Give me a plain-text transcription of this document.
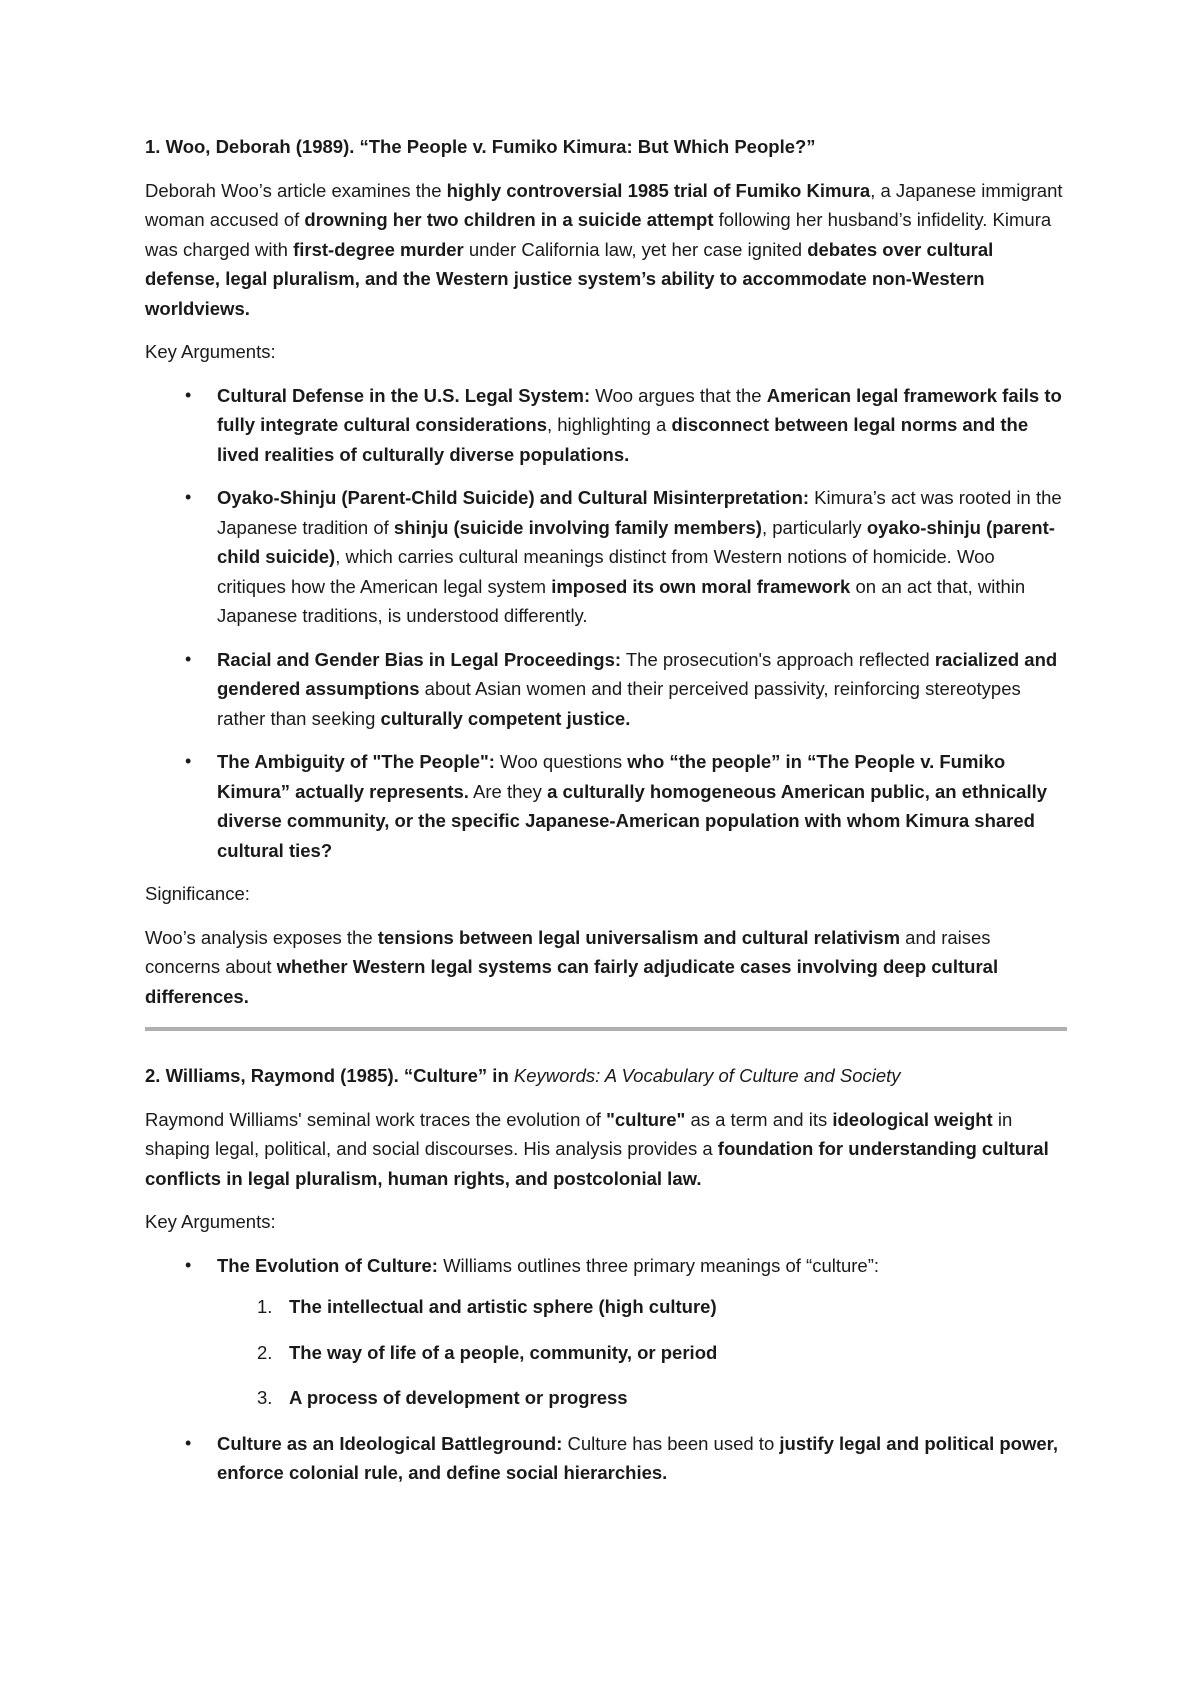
1. Woo, Deborah (1989). “The People v. Fumiko Kimura: But Which People?”

Deborah Woo’s article examines the highly controversial 1985 trial of Fumiko Kimura, a Japanese immigrant woman accused of drowning her two children in a suicide attempt following her husband’s infidelity. Kimura was charged with first-degree murder under California law, yet her case ignited debates over cultural defense, legal pluralism, and the Western justice system’s ability to accommodate non-Western worldviews.

Key Arguments:

• Cultural Defense in the U.S. Legal System: Woo argues that the American legal framework fails to fully integrate cultural considerations, highlighting a disconnect between legal norms and the lived realities of culturally diverse populations.
• Oyako-Shinju (Parent-Child Suicide) and Cultural Misinterpretation: Kimura’s act was rooted in the Japanese tradition of shinju (suicide involving family members), particularly oyako-shinju (parent-child suicide), which carries cultural meanings distinct from Western notions of homicide. Woo critiques how the American legal system imposed its own moral framework on an act that, within Japanese traditions, is understood differently.
• Racial and Gender Bias in Legal Proceedings: The prosecution's approach reflected racialized and gendered assumptions about Asian women and their perceived passivity, reinforcing stereotypes rather than seeking culturally competent justice.
• The Ambiguity of "The People": Woo questions who “the people” in “The People v. Fumiko Kimura” actually represents. Are they a culturally homogeneous American public, an ethnically diverse community, or the specific Japanese-American population with whom Kimura shared cultural ties?

Significance:

Woo’s analysis exposes the tensions between legal universalism and cultural relativism and raises concerns about whether Western legal systems can fairly adjudicate cases involving deep cultural differences.

2. Williams, Raymond (1985). “Culture” in Keywords: A Vocabulary of Culture and Society

Raymond Williams' seminal work traces the evolution of "culture" as a term and its ideological weight in shaping legal, political, and social discourses. His analysis provides a foundation for understanding cultural conflicts in legal pluralism, human rights, and postcolonial law.

Key Arguments:

• The Evolution of Culture: Williams outlines three primary meanings of “culture”:
1. The intellectual and artistic sphere (high culture)
2. The way of life of a people, community, or period
3. A process of development or progress
• Culture as an Ideological Battleground: Culture has been used to justify legal and political power, enforce colonial rule, and define social hierarchies.
